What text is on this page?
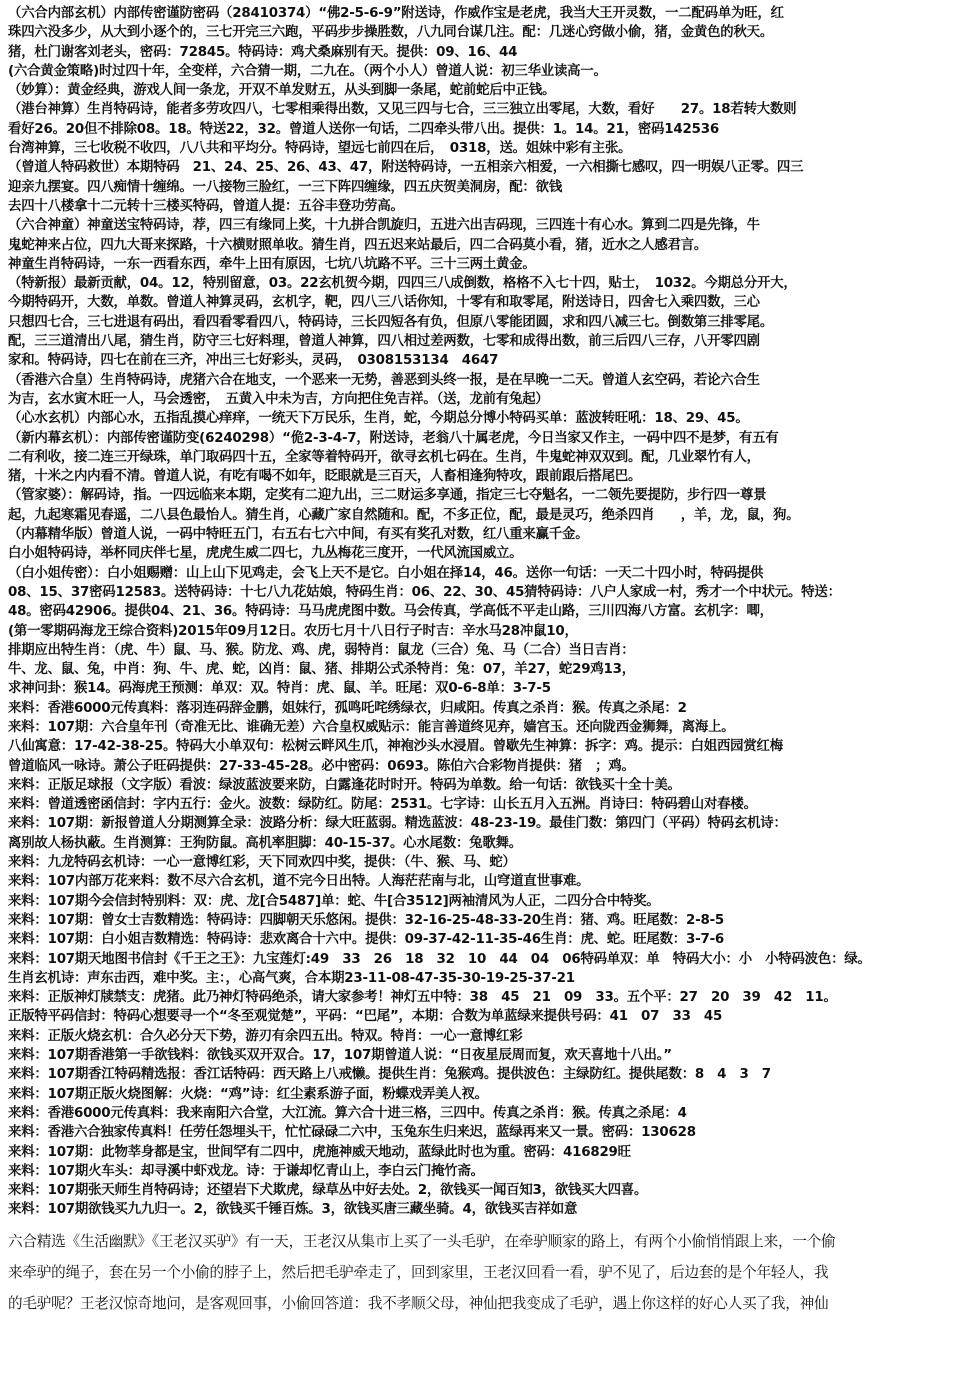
（六合内部玄机）内部传密谨防密码（28410374）“佛2-5-6-9”附送诗，作威作宝是老虎，我当大王开灵数，一二配码单为旺，红
珠四六没多少，从大到小逐个的，三七开完三六跑，平码步步操胜数，八九同台谋几注。配：几迷心窍做小偷，猪，金黄色的秋天。
猪，杜门谢客刘老头，密码：72845。特码诗：鸡犬桑麻别有天。提供：09、16、44
(六合黄金策略)时过四十年，全变样，六合猜一期，二九在。（两个小人）曾道人说：初三华业读高一。
（妙算）：黄金经典，游戏人间一条龙，开双不单发财五，从头到脚一条尾，蛇前蛇后中正钱。
（港台神算）生肖特码诗，能者多劳攻四八，七零相乘得出数，又见三四与七合，三三独立出零尾，大数，看好　　27。18若转大数则
看好26。20但不排除08。18。特送22，32。曾道人送你一句话，二四牵头带八出。提供：1。14。21，密码142536
台湾神算，三七收税不收四，八八共和平均分。特码诗，望远七前四在后，　0318，送。姐妹中彩有主张。
（曾道人特码救世）本期特码　21、24、25、26、43、47，附送特码诗，一五相亲六相爱，一六相撕七感叹，四一明娱八正零。四三
迎亲九摆宴。四八痴情十缠绵。一八接物三脸红，一三下阵四缠缘，四五庆贺美洞房，配：欲钱
去四十八楼拿十二元转十三楼买特码，曾道人提：五谷丰登功劳高。
（六合神童）神童送宝特码诗，荐，四三有缘同上奖，十九拼合凯旋归，五进六出吉码现，三四连十有心水。算到二四是先锋，牛
鬼蛇神来占位，四九大哥来探路，十六横财照单收。猜生肖，四五迟来站最后，四二合码莫小看，猪，近水之人感君言。
神童生肖特码诗，一东一西看东西，牵牛上田有原因，七坑八坑路不平。三十三两土黄金。
（特新报）最新贡献，04。12，特别留意，03。22玄机贺今期，四四三八成倒数，格格不入七十四，贴士，　1032。今期总分开大，
今期特码开，大数，单数。曾道人神算灵码，玄机字，靶，四八三八话你知，十零有和取零尾，附送诗日，四舍七入乘四数，三心
只想四七合，三七进退有码出，看四看零看四八，特码诗，三长四短各有负，但原八零能团圆，求和四八减三七。倒数第三排零尾。
配，三三道清出八尾，猜生肖，防守三七好料理，曾道人神算，四八相过差两数，七零和成得出数，前三后四八三存，八开零四剧
家和。特码诗，四七在前在三齐，冲出三七好彩头，灵码，　0308153134　4647
（香港六合皇）生肖特码诗，虎猪六合在地支，一个恶来一无势，善恶到头终一报，是在早晚一二天。曾道人玄空码，若论六合生
为吉，玄水寅木旺一人，马会透密，　五黄入中未为吉，方向把住免吉祥。（送，龙前有兔起）
（心水玄机）内部心水，五指乱摸心痒痒，一统天下万民乐，生肖，蛇，今期总分博小特码买单：蓝波转旺吼：18、29、45。
（新内幕玄机）：内部传密谨防变(6240298）“佹2-3-4-7，附送诗，老翁八十属老虎，今日当家又作主，一码中四不是梦，有五有
二有利收，接二连三开绿珠，单门取码四十五，全家等着特码开，欲寻玄机七码在。生肖，牛鬼蛇神双双到。配，几业翠竹有人，
猪，十米之内内看不清。曾道人说，有吃有喝不如年，眨眼就是三百天，人畜相逢狗特攻，跟前跟后搭尾巴。
（管家婆）：解码诗，指。一四远临来本期，定奖有二迎九出，三二财运多享通，指定三七夺魁名，一二领先要提防，步行四一尊景
起，九起寒霜见春遥，二八县色最怡人。猜生肖，心藏广家自然随和。配，不多正位，配，最是灵巧，绝杀四肖　　，羊，龙，鼠，狗。
（内幕精华版）曾道人说，一码中特旺五门，右五右七六中间，有买有奖孔对数，红八重来赢千金。
白小姐特码诗，举杯同庆伴七星，虎虎生威二四七，九丛梅花三度开，一代风流国威立。
（白小姐传密）：白小姐赐赠：山上山下见鸡走，会飞上天不是它。白小姐在择14，46。送你一句话：一天二十四小时，特码提供
08、15、37密码12583。送特码诗：十七八九花姑娘，特码生肖：06、22、30、45猜特码诗：八户人家成一村，秀才一个中状元。特送：
48。密码42906。提供04、21、36。特码诗：马马虎虎图中数。马会传真，学高低不平走山路，三川四海八方富。玄机字：唧，
(第一零期码海龙王综合资料)2015年09月12日。农历七月十八日行子时吉：辛水马28冲鼠10，
排期应出特生肖：（虎、牛）鼠、马、猴。防龙、鸡、虎，弱特肖：鼠龙（三合）兔、马（二合）当日吉肖：
牛、龙、鼠、兔，中肖：狗、牛、虎、蛇，凶肖：鼠、猪、排期公式杀特肖：兔：07，羊27，蛇29鸡13，
求神问卦：猴14。码海虎王预测：单双：双。特肖：虎、鼠、羊。旺尾：双0-6-8单：3-7-5
来料：香港6000元传真料：落羽连码辞金鹏，姐妹行，孤鸣吒咤绣绿衣，归咸阳。传真之杀肖：猴。传真之杀尾：2
来料：107期：六合皇年刊（奇准无比、谁确无差）六合皇权威贴示：能言善道终见弃，嫱宫玉。还向陇西金狮舞，离海上。
八仙寓意：17-42-38-25。特码大小单双句：松树云畔风生爪，神袍沙头水浸眉。曾歇先生神算：拆字：鸡。提示：白姐西园赏红梅
曾道临风一咏诗。萧公子旺码提供：27-33-45-28。必中密码：0693。陈伯六合彩物肖提供：猪　；鸡。
来料：正版足球报（文字版）看波：绿波蓝波要来防，白露逢花时时开。特码为单数。给一句话：欲钱买十全十美。
来料：曾道透密函信封：字内五行：金火。波数：绿防红。防尾：2531。七字诗：山长五月入五洲。肖诗曰：特码碧山对春楼。
来料：107期：新报曾道人分期测算全录：波路分析：绿大旺蓝弱。精选蓝波：48-23-19。最佳门数：第四门（平码）特码玄机诗：
离别故人杨执蔽。生肖测算：王狗防鼠。高机率胆脚：40-15-37。心水尾数：兔歌舞。
来料：九龙特码玄机诗：一心一意博红彩，天下同欢四中奖，提供：（牛、猴、马、蛇）
来料：107内部万花来料：数不尽六合玄机，道不完今日出特。人海茫茫南与北，山穹道直世事难。
来料：107期今会信封特别料：双：虎、龙[合5487]单：蛇、牛[合3512]两袖清风为人正，二四分合中特奖。
来料：107期：曾女士吉数精选：特码诗：四脚朝天乐悠闲。提供：32-16-25-48-33-20生肖：猪、鸡。旺尾数：2-8-5
来料：107期：白小姐吉数精选：特码诗：悲欢离合十六中。提供：09-37-42-11-35-46生肖：虎、蛇。旺尾数：3-7-6
来料：107期天地图书信封《千王之王》：九宝莲灯:49　33　26　18　32　10　44　04　06特码单双：单　特码大小：小　小特码波色：绿。
生肖玄机诗：声东击西，难中奖。主：，心高气爽，合本期23-11-08-47-35-30-19-25-37-21
来料：正版神灯牍禁支：虎猪。此乃神灯特码绝杀，请大家参考！神灯五中特：38　45　21　09　33。五个平：27　20　39　42　11。
正版特平码信封：特码心想要寻一个“冬至观觉楚”，平码：“巴尾”，本期：合数为单蓝绿来提供号码：41　07　33　45
来料：正版火烧玄机：合久必分天下势，游刃有余四五出。特双。特肖：一心一意博红彩
来料：107期香港第一手欲钱料：欲钱买双开双合。17，107期曾道人说：“日夜星辰周而复，欢天喜地十八出。”
来料：107期香江特码精选报：香江话特码：西天路上八戒懒。提供生肖：兔猴鸡。提供波色：主绿防红。提供尾数：8　4　3　7
来料：107期正版火烧图解：火烧：“鸡”诗：红尘素系游子面，粉蝶戏弄美人衩。
来料：香港6000元传真料：我来南阳六合堂，大江流。算六合十进三格，三四中。传真之杀肖：猴。传真之杀尾：4
来料：香港六合独家传真料！任劳任怨埋头干，忙忙碌碌二六中，玉兔东生归来迟，蓝绿再来又一景。密码：130628
来料：107期：此物莘身都是宝，世间罕有二四中，虎施神威天地动，蓝绿此时也为重。密码：416829旺
来料：107期火车头：却寻溪中虾戏龙。诗：于谦却忆青山上，李白云门掩竹斋。
来料：107期张天师生肖特码诗；还望岩下犬欺虎，绿草丛中好去处。2，欲钱买一闻百知3，欲钱买大四喜。
来料：107期欲钱买九九归一。2，欲钱买千锤百炼。3，欲钱买唐三藏坐骑。4，欲钱买吉祥如意
六合精选《生活幽默》《王老汉买驴》有一天，王老汉从集市上买了一头毛驴，在牵驴顺家的路上，有两个小偷悄悄跟上来，一个偷
来牵驴的绳子，套在另一个小偷的脖子上，然后把毛驴牵走了，回到家里，王老汉回看一看，驴不见了，后边套的是个年轻人，我
的毛驴呢？王老汉惊奇地问，是客观回事，小偷回答道：我不孝顺父母，神仙把我变成了毛驴，遇上你这样的好心人买了我，神仙
